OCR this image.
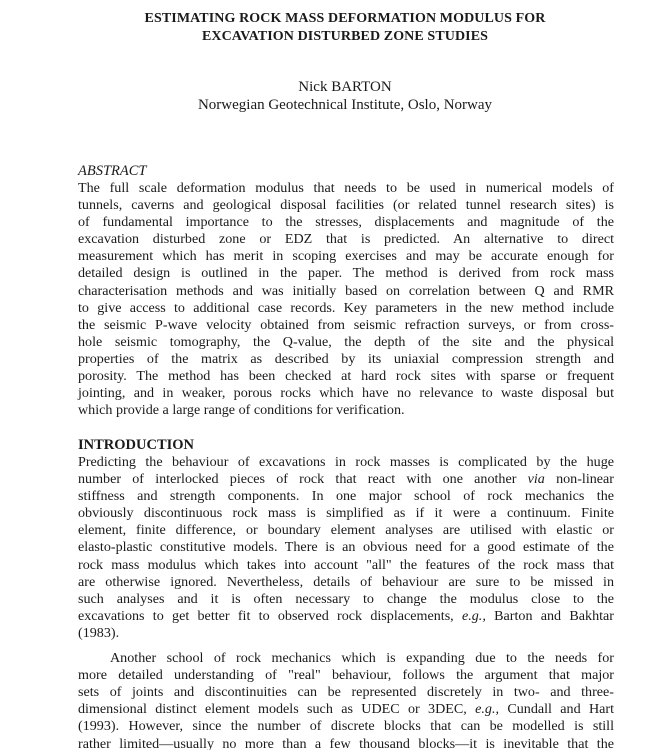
ESTIMATING ROCK MASS DEFORMATION MODULUS FOR
EXCAVATION DISTURBED ZONE STUDIES
Nick BARTON
Norwegian Geotechnical Institute, Oslo, Norway

ABSTRACT

The full scale deformation modulus that needs to be used in numerical models of
tunnels, caverns and geological disposal facilities (or related tunnel research sites) is
of fundamental importance to the stresses, displacements and magnitude of the
excavation disturbed zone or EDZ that is predicted. An alternative to direct
measurement which has merit in scoping exercises and may be accurate enough for
detailed design is outlined in the paper. The method is derived from rock mass
characterisation methods and was initially based on correlation between Q and RMR
to give access to additional case records. Key parameters in the new method include
the seismic P-wave velocity obtained from seismic refraction surveys, or from cross-
hole seismic tomography, the Q-value, the depth of the site and the physical
properties of the matrix as described by its uniaxial compression strength and
porosity. The method has been checked at hard rock sites with sparse or frequent
jointing, and in weaker, porous rocks which have no relevance to waste disposal but
which provide a large range of conditions for verification.

INTRODUCTION

Predicting the behaviour of excavations in rock masses is complicated by the huge
number of interlocked pieces of rock that react with one another via non-linear
stiffness and strength components. In one major school of rock mechanics the
obviously discontinuous rock mass is simplified as if it were a continuum. Finite
element, finite difference, or boundary element analyses are utilised with elastic or
elasto-plastic constitutive models. There is an obvious need for a good estimate of the
rock mass modulus which takes into account "all" the features of the rock mass that
are otherwise ignored. Nevertheless, details of behaviour are sure to be missed in
such analyses and it is often necessary to change the modulus close to the
excavations to get better fit to observed rock displacements, e.g., Barton and Bakhtar
(1983).
Another school of rock mechanics which is expanding due to the needs for
more detailed understanding of "real" behaviour, follows the argument that major
sets of joints and discontinuities can be represented discretely in two- and three-
dimensional distinct element models such as UDEC or 3DEC, e.g., Cundall and Hart
(1993). However, since the number of discrete blocks that can be modelled is still
rather limited—usually no more than a few thousand blocks—it is inevitable that the
